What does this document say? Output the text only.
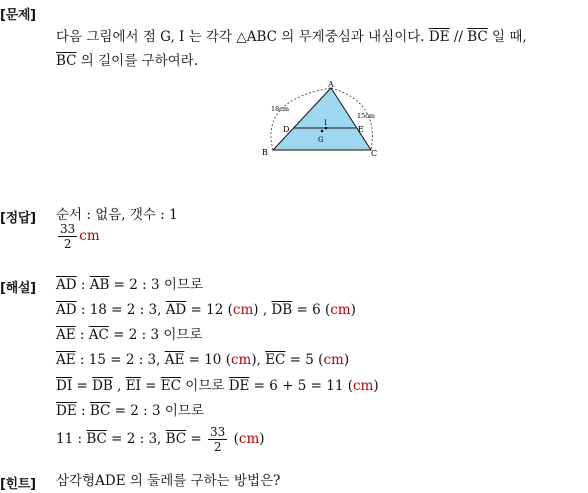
[문제]
다음 그림에서 점 G, I 는 각각 △ABC 의 무게중심과 내심이다. $\overline{DE} // \overline{BC}$ 일 때,
$\overline{BC}$ 의 길이를 구하여라.
A
B	C
D	E
G
I
18cm
15cm
[정답] 순서 : 없음, 갯수 : 1
$\frac{33}{2}$ cm
[해설] $\overline{AD}$ : $\overline{AB} = 2$ : 3 이므로
$\overline{AD}$ : 18 = 2 : 3, $\overline{AD} = 12$ (cm) , $\overline{DB} = 6$ (cm)
$\overline{AE}$ : $\overline{AC} = 2$ : 3 이므로
$\overline{AE}$ : 15 = 2 : 3, $\overline{AE} = 10$ (cm), $\overline{EC} = 5$ (cm)
$\overline{DI} = \overline{DB}$ , $\overline{EI} = \overline{EC}$ 이므로 $\overline{DE} = 6 + 5 = 11$ (cm)
$\overline{DE}$ : $\overline{BC} = 2$ : 3 이므로
11 : $\overline{BC} = 2$ : 3, $\overline{BC} = \frac{33}{2} (cm)$
[힌트] 삼각형ADE 의 둘레를 구하는 방법은?
